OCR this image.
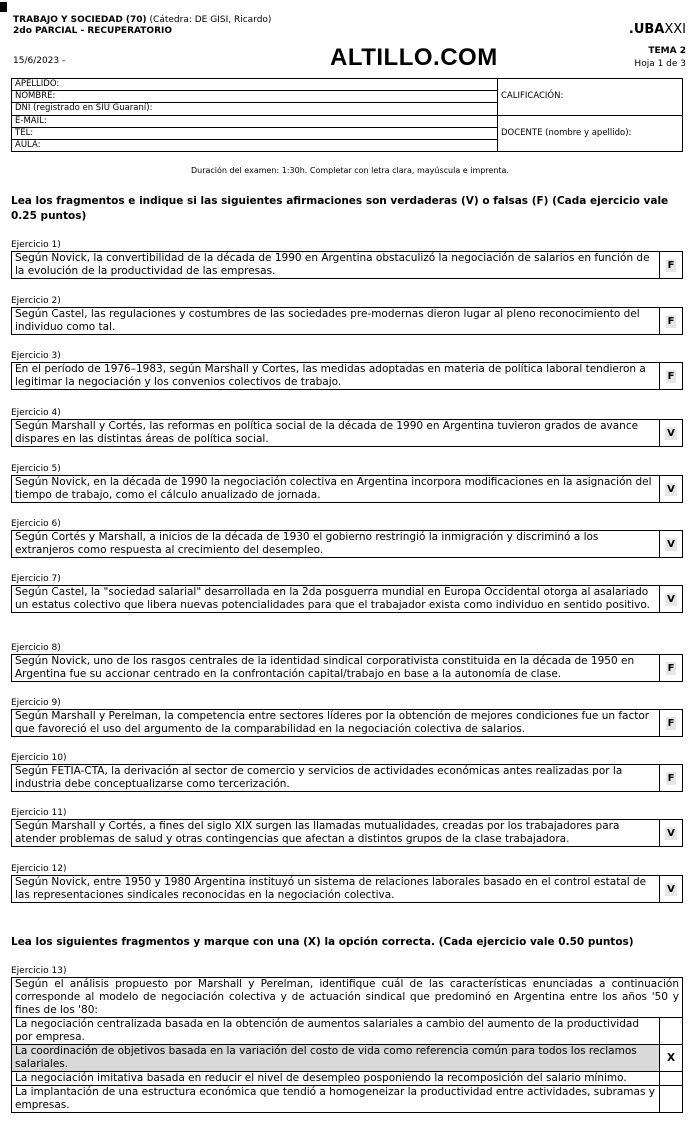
TRABAJO Y SOCIEDAD (70) (Cátedra: DE GISI, Ricardo)
2do PARCIAL - RECUPERATORIO
15/6/2023 -	ALTILLO.COM
.UBAXXI
TEMA 2
Hoja 1 de 3
APELLIDO:	CALIFICACIÓN:
NOMBRE:	
DNI (registrado en SIU Guaraní):	
E-MAIL:	DOCENTE (nombre y apellido):
TEL:	
AULA:	
Duración del examen: 1:30h. Completar con letra clara, mayúscula e imprenta.
Lea los fragmentos e indique si las siguientes afirmaciones son verdaderas (V) o falsas (F) (Cada ejercicio vale 0.25 puntos)
Ejercicio 1)
Según Novick, la convertibilidad de la década de 1990 en Argentina obstaculizó la negociación de salarios en función de la evolución de la productividad de las empresas.	F
Ejercicio 2)
Según Castel, las regulaciones y costumbres de las sociedades pre-modernas dieron lugar al pleno reconocimiento del individuo como tal.	F
Ejercicio 3)
En el período de 1976–1983, según Marshall y Cortes, las medidas adoptadas en materia de política laboral tendieron a legitimar la negociación y los convenios colectivos de trabajo.	F
Ejercicio 4)
Según Marshall y Cortés, las reformas en política social de la década de 1990 en Argentina tuvieron grados de avance dispares en las distintas áreas de política social.	V
Ejercicio 5)
Según Novick, en la década de 1990 la negociación colectiva en Argentina incorpora modificaciones en la asignación del tiempo de trabajo, como el cálculo anualizado de jornada.	V
Ejercicio 6)
Según Cortés y Marshall, a inicios de la década de 1930 el gobierno restringió la inmigración y discriminó a los extranjeros como respuesta al crecimiento del desempleo.	V
Ejercicio 7)
Según Castel, la "sociedad salarial" desarrollada en la 2da posguerra mundial en Europa Occidental otorga al asalariado un estatus colectivo que libera nuevas potencialidades para que el trabajador exista como individuo en sentido positivo.	V
Ejercicio 8)
Según Novick, uno de los rasgos centrales de la identidad sindical corporativista constituida en la década de 1950 en Argentina fue su accionar centrado en la confrontación capital/trabajo en base a la autonomía de clase.	F
Ejercicio 9)
Según Marshall y Perelman, la competencia entre sectores líderes por la obtención de mejores condiciones fue un factor que favoreció el uso del argumento de la comparabilidad en la negociación colectiva de salarios.	F
Ejercicio 10)
Según FETIA-CTA, la derivación al sector de comercio y servicios de actividades económicas antes realizadas por la industria debe conceptualizarse como tercerización.	F
Ejercicio 11)
Según Marshall y Cortés, a fines del siglo XIX surgen las llamadas mutualidades, creadas por los trabajadores para atender problemas de salud y otras contingencias que afectan a distintos grupos de la clase trabajadora.	V
Ejercicio 12)
Según Novick, entre 1950 y 1980 Argentina instituyó un sistema de relaciones laborales basado en el control estatal de las representaciones sindicales reconocidas en la negociación colectiva.	V
Lea los siguientes fragmentos y marque con una (X) la opción correcta. (Cada ejercicio vale 0.50 puntos)
Ejercicio 13)
Según el análisis propuesto por Marshall y Perelman, identifique cuál de las características enunciadas a continuación corresponde al modelo de negociación colectiva y de actuación sindical que predominó en Argentina entre los años '50 y fines de los '80:	
La negociación centralizada basada en la obtención de aumentos salariales a cambio del aumento de la productividad por empresa.	
La coordinación de objetivos basada en la variación del costo de vida como referencia común para todos los reclamos salariales.	X
La negociación imitativa basada en reducir el nivel de desempleo posponiendo la recomposición del salario mínimo.	
La implantación de una estructura económica que tendió a homogeneizar la productividad entre actividades, subramas y empresas.	
